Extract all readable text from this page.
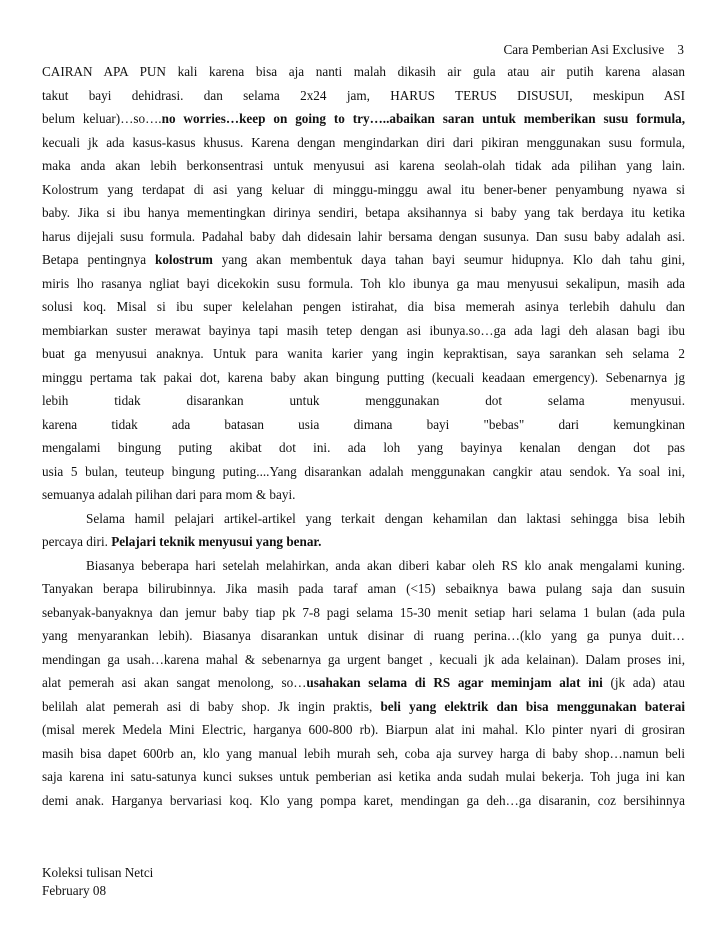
Cara Pemberian Asi Exclusive 3
CAIRAN APA PUN kali karena bisa aja nanti malah dikasih air gula atau air putih karena alasan
takut bayi dehidrasi. dan selama 2x24 jam, HARUS TERUS DISUSUI, meskipun ASI
belum keluar)…so….no worries…keep on going to try…..abaikan saran untuk memberikan susu formula,
kecuali jk ada kasus-kasus khusus. Karena dengan mengindarkan diri dari pikiran menggunakan susu formula,
maka anda akan lebih berkonsentrasi untuk menyusui asi karena seolah-olah tidak ada pilihan yang lain.
Kolostrum yang terdapat di asi yang keluar di minggu-minggu awal itu bener-bener penyambung nyawa si
baby. Jika si ibu hanya mementingkan dirinya sendiri, betapa aksihannya si baby yang tak berdaya itu ketika
harus dijejali susu formula. Padahal baby dah didesain lahir bersama dengan susunya. Dan susu baby adalah asi.
Betapa pentingnya kolostrum yang akan membentuk daya tahan bayi seumur hidupnya. Klo dah tahu gini,
miris lho rasanya ngliat bayi dicekokin susu formula. Toh klo ibunya ga mau menyusui sekalipun, masih ada
solusi koq. Misal si ibu super kelelahan pengen istirahat, dia bisa memerah asinya terlebih dahulu dan
membiarkan suster merawat bayinya tapi masih tetep dengan asi ibunya.so…ga ada lagi deh alasan bagi ibu
buat ga menyusui anaknya. Untuk para wanita karier yang ingin kepraktisan, saya sarankan seh selama 2
minggu pertama tak pakai dot, karena baby akan bingung putting (kecuali keadaan emergency). Sebenarnya jg
lebih tidak disarankan untuk menggunakan dot selama menyusui.
karena tidak ada batasan usia dimana bayi "bebas" dari kemungkinan
mengalami bingung puting akibat dot ini. ada loh yang bayinya kenalan dengan dot pas
usia 5 bulan, teuteup bingung puting....Yang disarankan adalah menggunakan cangkir atau sendok. Ya soal ini,
semuanya adalah pilihan dari para mom & bayi.
Selama hamil pelajari artikel-artikel yang terkait dengan kehamilan dan laktasi sehingga bisa lebih
percaya diri. Pelajari teknik menyusui yang benar.
Biasanya beberapa hari setelah melahirkan, anda akan diberi kabar oleh RS klo anak mengalami kuning.
Tanyakan berapa bilirubinnya. Jika masih pada taraf aman (<15) sebaiknya bawa pulang saja dan susuin
sebanyak-banyaknya dan jemur baby tiap pk 7-8 pagi selama 15-30 menit setiap hari selama 1 bulan (ada pula
yang menyarankan lebih). Biasanya disarankan untuk disinar di ruang perina…(klo yang ga punya duit…
mendingan ga usah…karena mahal & sebenarnya ga urgent banget , kecuali jk ada kelainan). Dalam proses ini,
alat pemerah asi akan sangat menolong, so…usahakan selama di RS agar meminjam alat ini (jk ada) atau
belilah alat pemerah asi di baby shop. Jk ingin praktis, beli yang elektrik dan bisa menggunakan baterai
(misal merek Medela Mini Electric, harganya 600-800 rb). Biarpun alat ini mahal. Klo pinter nyari di grosiran
masih bisa dapet 600rb an, klo yang manual lebih murah seh, coba aja survey harga di baby shop…namun beli
saja karena ini satu-satunya kunci sukses untuk pemberian asi ketika anda sudah mulai bekerja. Toh juga ini kan
demi anak. Harganya bervariasi koq. Klo yang pompa karet, mendingan ga deh…ga disaranin, coz bersihinnya
Koleksi tulisan Netci
February 08
